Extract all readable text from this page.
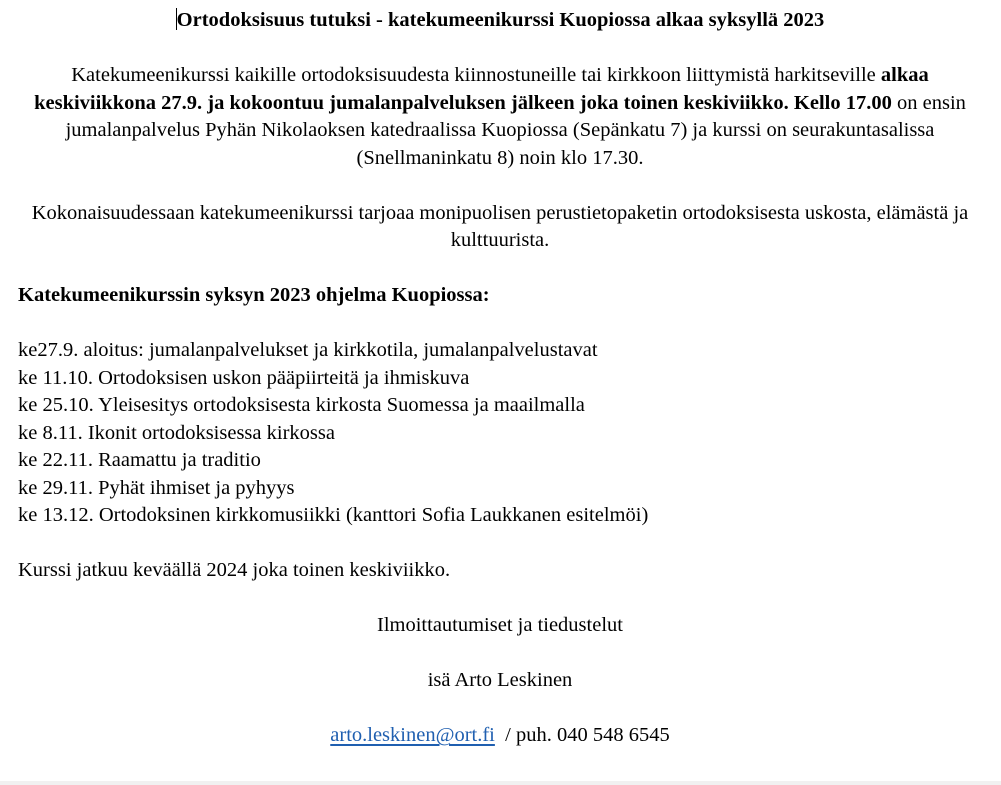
Ortodoksisuus tutuksi - katekumeenikurssi Kuopiossa alkaa syksyllä 2023

Katekumeenikurssi kaikille ortodoksisuudesta kiinnostuneille tai kirkkoon liittymistä harkitseville alkaa keskiviikkona 27.9. ja kokoontuu jumalanpalveluksen jälkeen joka toinen keskiviikko. Kello 17.00 on ensin jumalanpalvelus Pyhän Nikolaoksen katedraalissa Kuopiossa (Sepänkatu 7) ja kurssi on seurakuntasalissa (Snellmaninkatu 8) noin klo 17.30.

Kokonaisuudessaan katekumeenikurssi tarjoaa monipuolisen perustietopaketin ortodoksisesta uskosta, elämästä ja kulttuurista.

Katekumeenikurssin syksyn 2023 ohjelma Kuopiossa:

ke27.9. aloitus: jumalanpalvelukset ja kirkkotila, jumalanpalvelustavat

ke 11.10. Ortodoksisen uskon pääpiirteitä ja ihmiskuva

ke 25.10. Yleisesitys ortodoksisesta kirkosta Suomessa ja maailmalla

ke 8.11. Ikonit ortodoksisessa kirkossa

ke 22.11. Raamattu ja traditio

ke 29.11. Pyhät ihmiset ja pyhyys

ke 13.12. Ortodoksinen kirkkomusiikki (kanttori Sofia Laukkanen esitelmöi)

Kurssi jatkuu keväällä 2024 joka toinen keskiviikko.

Ilmoittautumiset ja tiedustelut

isä Arto Leskinen

arto.leskinen@ort.fi  / puh. 040 548 6545
